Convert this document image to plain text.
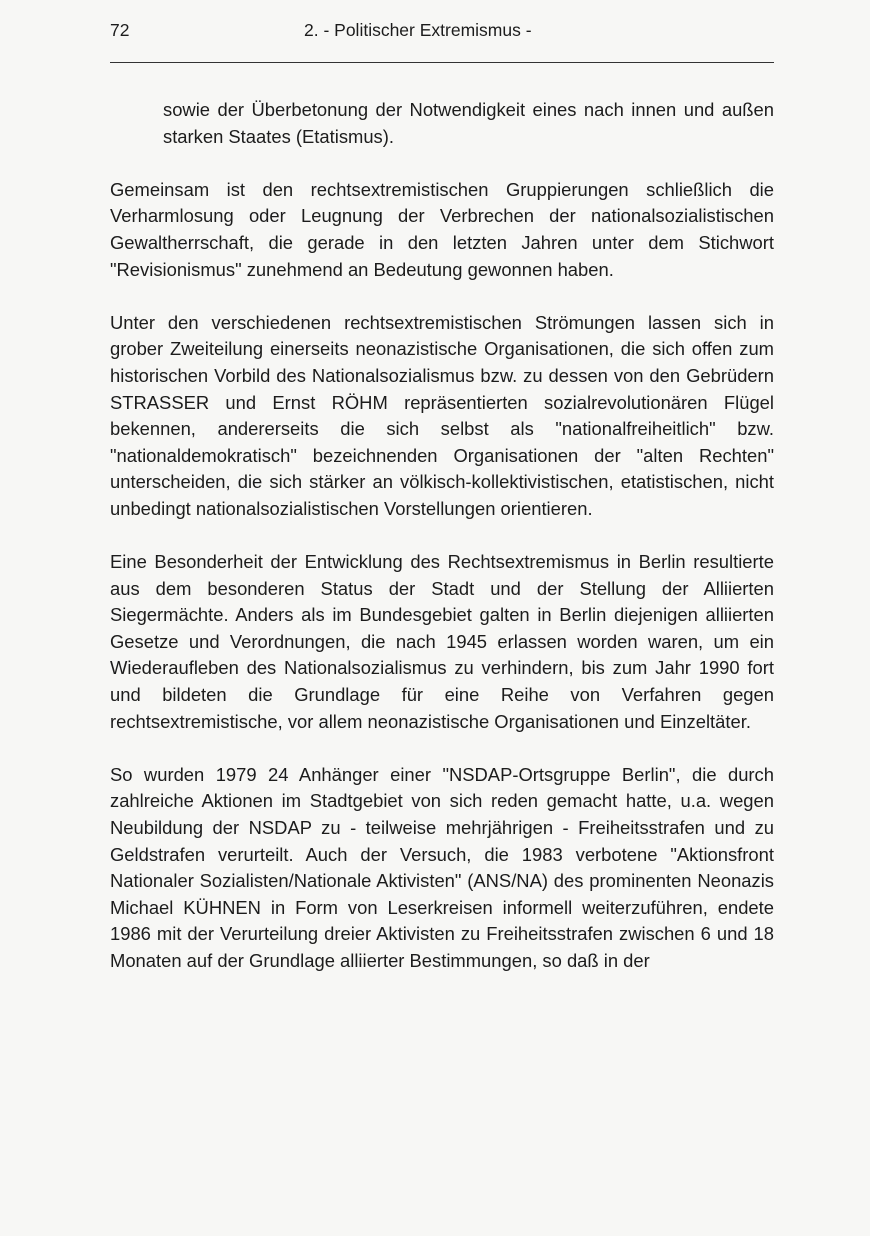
72	2. - Politischer Extremismus -

sowie der Überbetonung der Notwendigkeit eines nach innen und außen starken Staates (Etatismus).

Gemeinsam ist den rechtsextremistischen Gruppierungen schließlich die Verharmlosung oder Leugnung der Verbrechen der nationalsozialistischen Gewaltherrschaft, die gerade in den letzten Jahren unter dem Stichwort "Revisionismus" zunehmend an Bedeutung gewonnen haben.

Unter den verschiedenen rechtsextremistischen Strömungen lassen sich in grober Zweiteilung einerseits neonazistische Organisationen, die sich offen zum historischen Vorbild des Nationalsozialismus bzw. zu dessen von den Gebrüdern STRASSER und Ernst RÖHM repräsentierten sozialrevolutionären Flügel bekennen, andererseits die sich selbst als "nationalfreiheitlich" bzw. "nationaldemokratisch" bezeichnenden Organisationen der "alten Rechten" unterscheiden, die sich stärker an völkisch-kollektivistischen, etatistischen, nicht unbedingt nationalsozialistischen Vorstellungen orientieren.

Eine Besonderheit der Entwicklung des Rechtsextremismus in Berlin resultierte aus dem besonderen Status der Stadt und der Stellung der Alliierten Siegermächte. Anders als im Bundesgebiet galten in Berlin diejenigen alliierten Gesetze und Verordnungen, die nach 1945 erlassen worden waren, um ein Wiederaufleben des Nationalsozialismus zu verhindern, bis zum Jahr 1990 fort und bildeten die Grundlage für eine Reihe von Verfahren gegen rechtsextremistische, vor allem neonazistische Organisationen und Einzeltäter.

So wurden 1979 24 Anhänger einer "NSDAP-Ortsgruppe Berlin", die durch zahlreiche Aktionen im Stadtgebiet von sich reden gemacht hatte, u.a. wegen Neubildung der NSDAP zu - teilweise mehrjährigen - Freiheitsstrafen und zu Geldstrafen verurteilt. Auch der Versuch, die 1983 verbotene "Aktionsfront Nationaler Sozialisten/Nationale Aktivisten" (ANS/NA) des prominenten Neonazis Michael KÜHNEN in Form von Leserkreisen informell weiterzuführen, endete 1986 mit der Verurteilung dreier Aktivisten zu Freiheitsstrafen zwischen 6 und 18 Monaten auf der Grundlage alliierter Bestimmungen, so daß in der
